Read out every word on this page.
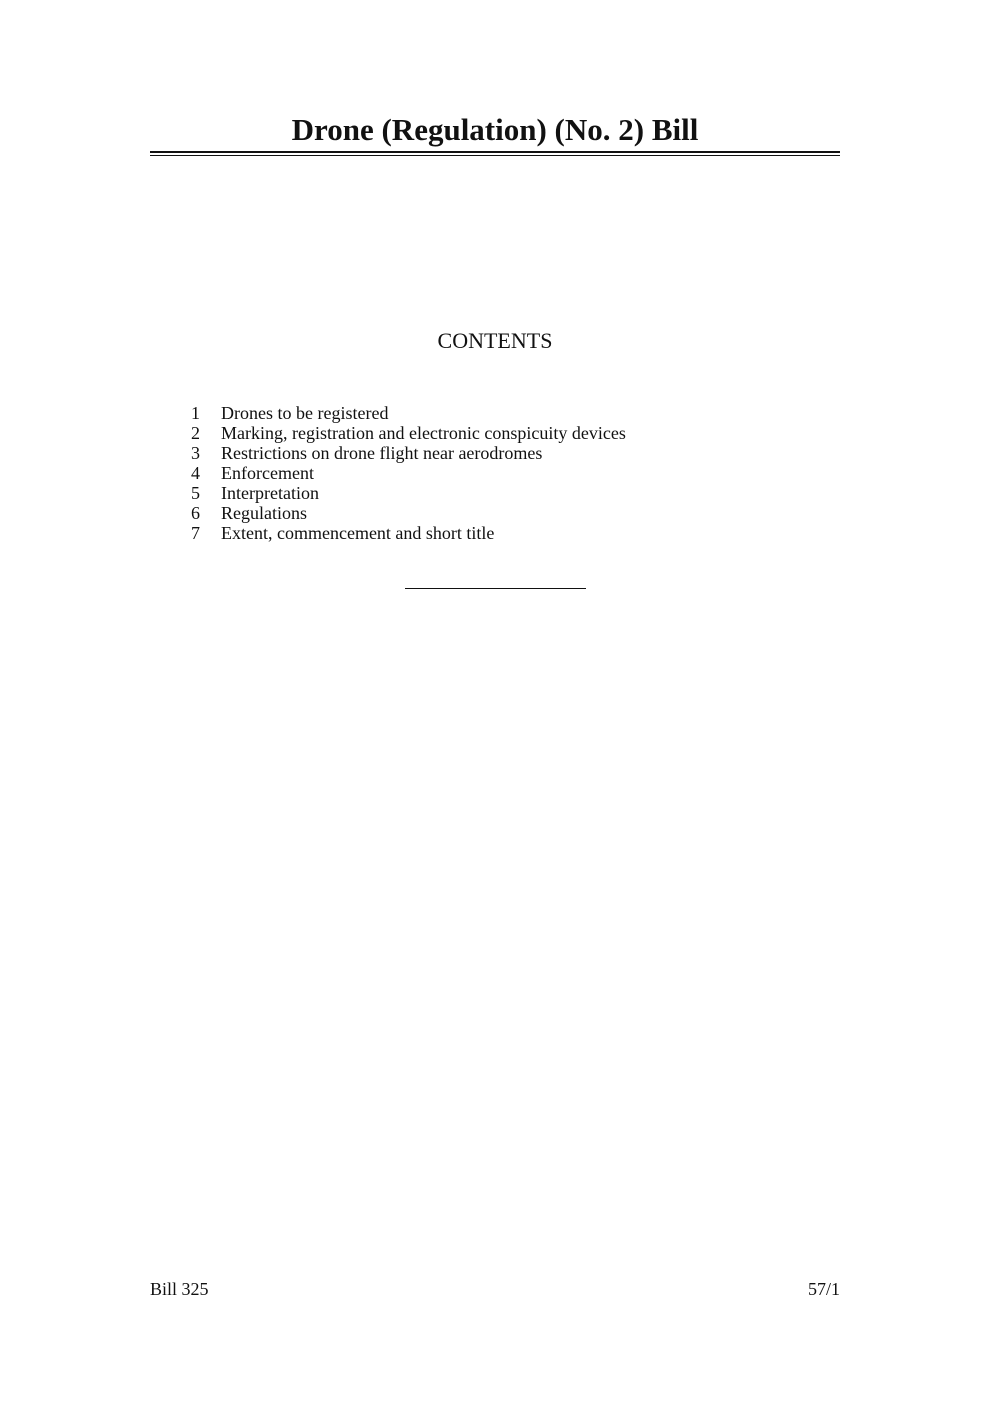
Drone (Regulation) (No. 2) Bill
CONTENTS
1	Drones to be registered
2	Marking, registration and electronic conspicuity devices
3	Restrictions on drone flight near aerodromes
4	Enforcement
5	Interpretation
6	Regulations
7	Extent, commencement and short title
Bill 325	57/1
